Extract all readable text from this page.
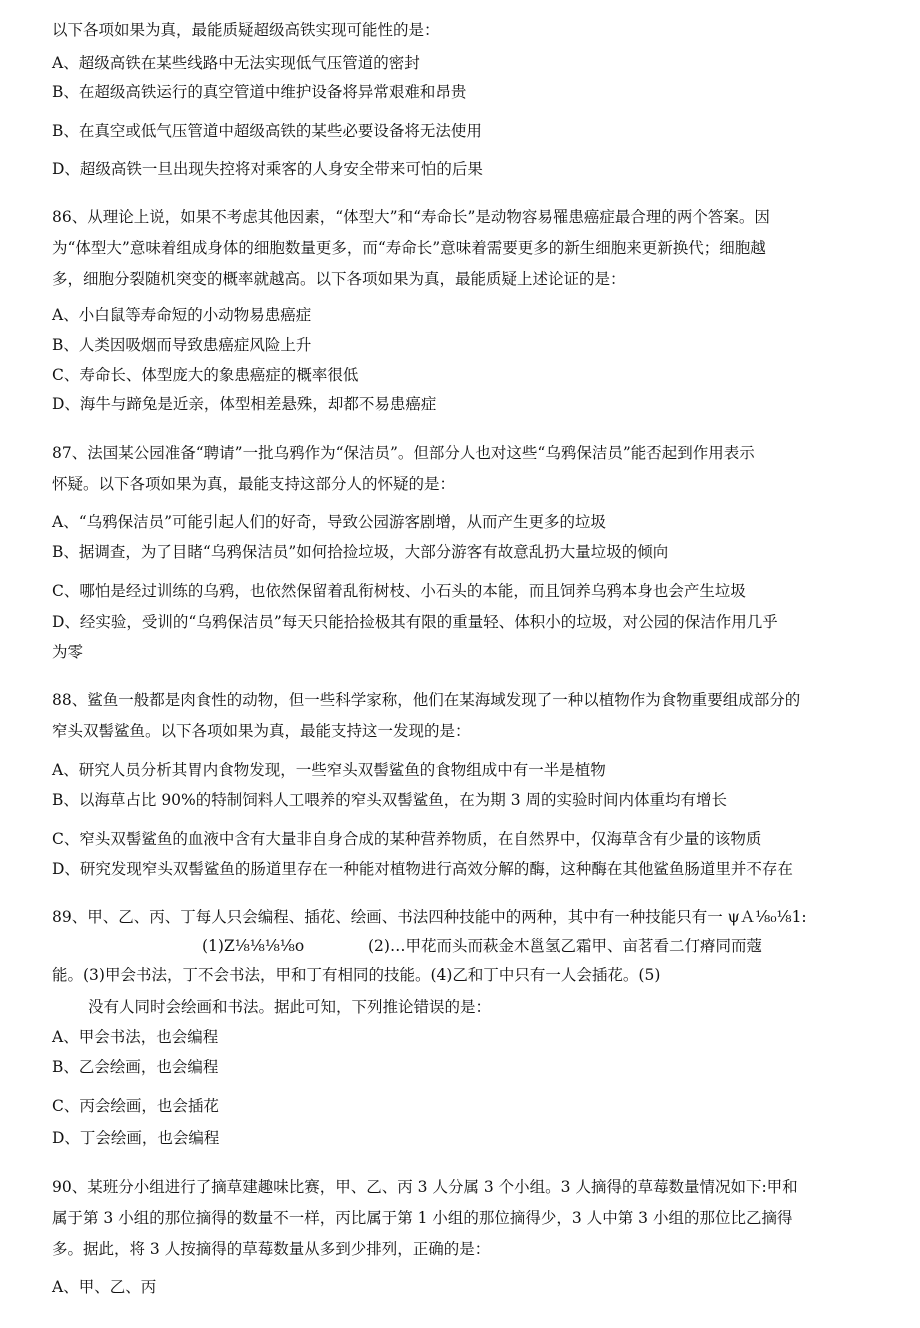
以下各项如果为真，最能质疑超级高铁实现可能性的是：
A、超级高铁在某些线路中无法实现低气压管道的密封
B、在超级高铁运行的真空管道中维护设备将异常艰难和昂贵
B、在真空或低气压管道中超级高铁的某些必要设备将无法使用
D、超级高铁一旦出现失控将对乘客的人身安全带来可怕的后果
86、从理论上说，如果不考虑其他因素，“体型大”和“寿命长”是动物容易罹患癌症最合理的两个答案。因
为“体型大”意味着组成身体的细胞数量更多，而“寿命长”意味着需要更多的新生细胞来更新换代；细胞越
多，细胞分裂随机突变的概率就越高。以下各项如果为真，最能质疑上述论证的是：
A、小白鼠等寿命短的小动物易患癌症
B、人类因吸烟而导致患癌症风险上升
C、寿命长、体型庞大的象患癌症的概率很低
D、海牛与蹄兔是近亲，体型相差悬殊，却都不易患癌症
87、法国某公园准备“聘请”一批乌鸦作为“保洁员”。但部分人也对这些“乌鸦保洁员”能否起到作用表示
怀疑。以下各项如果为真，最能支持这部分人的怀疑的是：
A、“乌鸦保洁员”可能引起人们的好奇，导致公园游客剧增，从而产生更多的垃圾
B、据调查，为了目睹“乌鸦保洁员”如何拾捡垃圾，大部分游客有故意乱扔大量垃圾的倾向
C、哪怕是经过训练的乌鸦，也依然保留着乱衔树枝、小石头的本能，而且饲养乌鸦本身也会产生垃圾
D、经实验，受训的“乌鸦保洁员”每天只能拾捡极其有限的重量轻、体积小的垃圾，对公园的保洁作用几乎
为零
88、鲨鱼一般都是肉食性的动物，但一些科学家称，他们在某海域发现了一种以植物作为食物重要组成部分的
窄头双髻鲨鱼。以下各项如果为真，最能支持这一发现的是：
A、研究人员分析其胃内食物发现，一些窄头双髻鲨鱼的食物组成中有一半是植物
B、以海草占比 90%的特制饲料人工喂养的窄头双髻鲨鱼，在为期 3 周的实验时间内体重均有增长
C、窄头双髻鲨鱼的血液中含有大量非自身合成的某种营养物质，在自然界中，仅海草含有少量的该物质
D、研究发现窄头双髻鲨鱼的肠道里存在一种能对植物进行高效分解的酶，这种酶在其他鲨鱼肠道里并不存在
89、甲、乙、丙、丁每人只会编程、插花、绘画、书法四种技能中的两种，其中有一种技能只有一 ψＡ⅛₀⅛1:
(1)Z⅛⅛⅛⅛o	(2)…甲花而头而萩金木邕氢乙霜甲、亩茗看二仃瘠同而蔻
能。(3)甲会书法，丁不会书法，甲和丁有相同的技能。(4)乙和丁中只有一人会插花。(5)
没有人同时会绘画和书法。据此可知，下列推论错误的是：
A、甲会书法，也会编程
B、乙会绘画，也会编程
C、丙会绘画，也会插花
D、丁会绘画，也会编程
90、某班分小组进行了摘草建趣味比赛，甲、乙、丙 3 人分属 3 个小组。3 人摘得的草莓数量情况如下:甲和
属于第 3 小组的那位摘得的数量不一样，丙比属于第 1 小组的那位摘得少，3 人中第 3 小组的那位比乙摘得
多。据此，将 3 人按摘得的草莓数量从多到少排列，正确的是：
A、甲、乙、丙
